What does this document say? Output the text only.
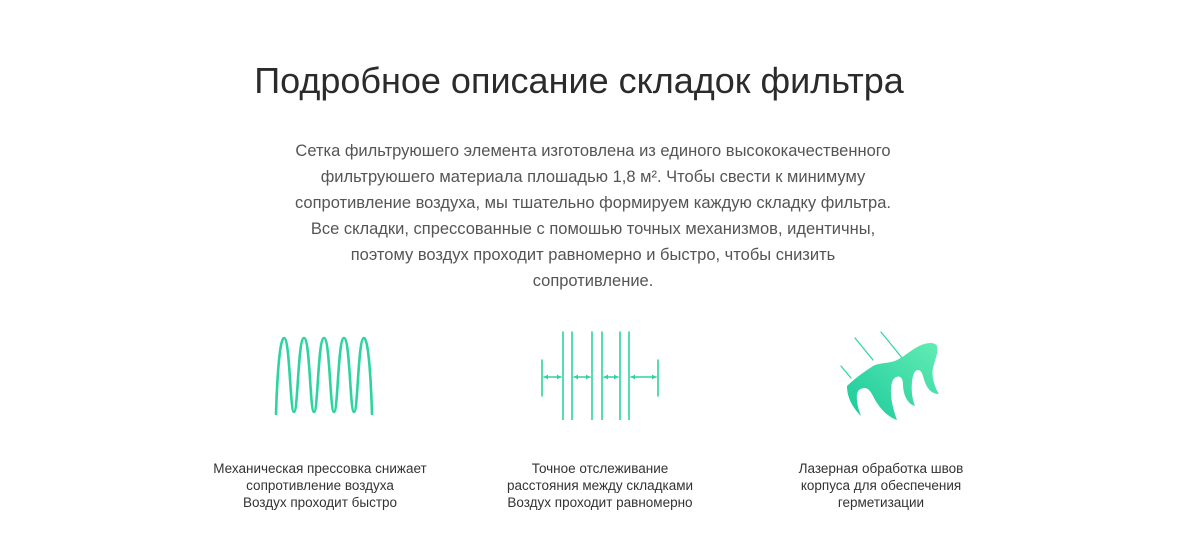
Подробное описание складок фильтра

Сетка фильтруюшего элемента изготовлена из единого высококачественного
фильтруюшего материала плошадью 1,8 м². Чтобы свести к минимуму
сопротивление воздуха, мы тшательно формируем каждую складку фильтра.
Все складки, спрессованные с помошью точных механизмов, идентичны,
поэтому воздух проходит равномерно и быстро, чтобы снизить
сопротивление.

Механическая прессовка снижает
сопротивление воздуха
Воздух проходит быстро
Точное отслеживание
расстояния между складками
Воздух проходит равномерно
Лазерная обработка швов
корпуса для обеспечения
герметизации
